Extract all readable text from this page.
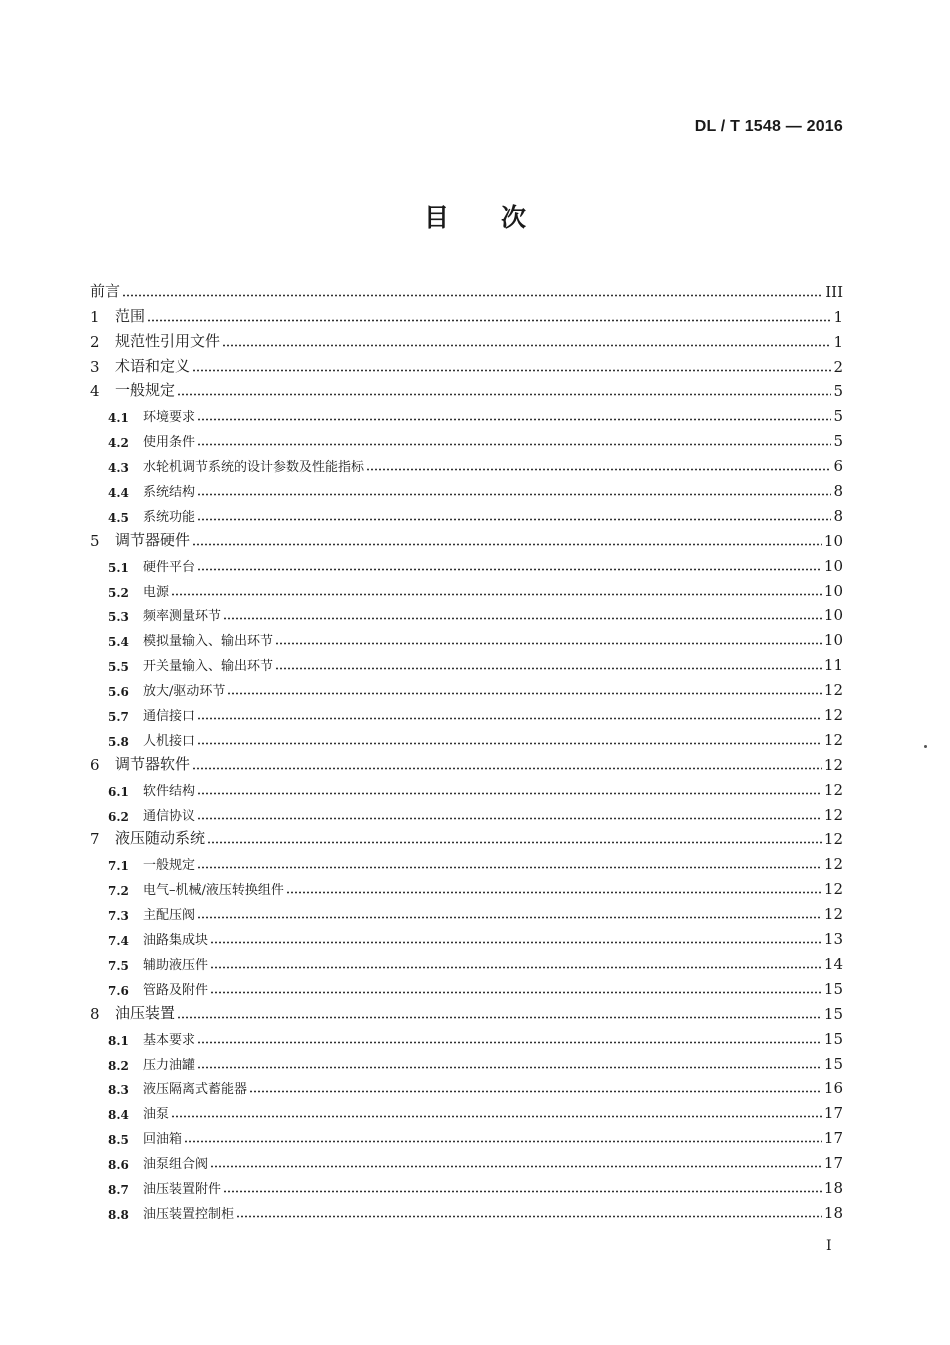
DL / T 1548 — 2016
目次
前言	III
1	范围	1
2	规范性引用文件	1
3	术语和定义	2
4	一般规定	5
4.1	环境要求	5
4.2	使用条件	5
4.3	水轮机调节系统的设计参数及性能指标	6
4.4	系统结构	8
4.5	系统功能	8
5	调节器硬件	10
5.1	硬件平台	10
5.2	电源	10
5.3	频率测量环节	10
5.4	模拟量输入、输出环节	10
5.5	开关量输入、输出环节	11
5.6	放大/驱动环节	12
5.7	通信接口	12
5.8	人机接口	12
6	调节器软件	12
6.1	软件结构	12
6.2	通信协议	12
7	液压随动系统	12
7.1	一般规定	12
7.2	电气–机械/液压转换组件	12
7.3	主配压阀	12
7.4	油路集成块	13
7.5	辅助液压件	14
7.6	管路及附件	15
8	油压装置	15
8.1	基本要求	15
8.2	压力油罐	15
8.3	液压隔离式蓄能器	16
8.4	油泵	17
8.5	回油箱	17
8.6	油泵组合阀	17
8.7	油压装置附件	18
8.8	油压装置控制柜	18
I
